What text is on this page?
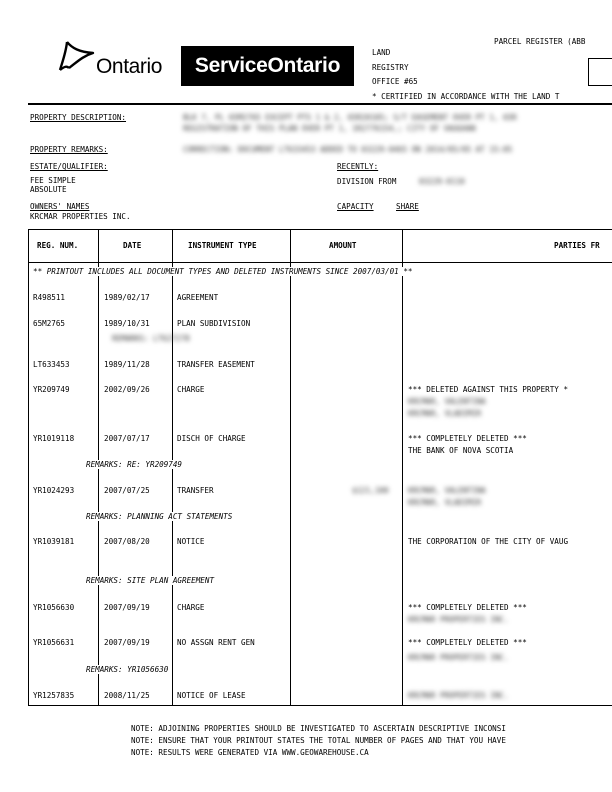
Ontario	ServiceOntario
LAND
REGISTRY
OFFICE #65
* CERTIFIED IN ACCORDANCE WITH THE LAND T
PARCEL REGISTER (ABB
PROPERTY DESCRIPTION:	BLK 7, PL 65M2765 EXCEPT PTS 1 & 2, 65R20105; S/T EASEMENT OVER PT 1, 65R
REGISTRATION OF THIS PLAN OVER PT 1, 1R2776154,; CITY OF VAUGHAN
PROPERTY REMARKS:	CORRECTION: DOCUMENT LT633453 ADDED TO 03229-0465 ON 2014/05/05 AT 15:05
ESTATE/QUALIFIER:
FEE SIMPLE
ABSOLUTE
RECENTLY:
DIVISION FROM	03229-0110
OWNERS' NAMES
KRCMAR PROPERTIES INC.
CAPACITY	SHARE
REG. NUM.	DATE	INSTRUMENT TYPE	AMOUNT	PARTIES FR
** PRINTOUT INCLUDES ALL DOCUMENT TYPES AND DELETED INSTRUMENTS SINCE 2007/03/01 **
R498511	1989/02/17	AGREEMENT
65M2765	1989/10/31	PLAN SUBDIVISION
REMARKS: LT627278
LT633453	1989/11/28	TRANSFER EASEMENT
YR209749	2002/09/26	CHARGE	*** DELETED AGAINST THIS PROPERTY *
KRCMAR, VALENTINA
KRCMAR, VLADIMIR
YR1019118	2007/07/17	DISCH OF CHARGE	*** COMPLETELY DELETED ***
THE BANK OF NOVA SCOTIA
REMARKS: RE: YR209749
YR1024293	2007/07/25	TRANSFER	$121,100	KRCMAR, VALENTINA
KRCMAR, VLADIMIR
REMARKS: PLANNING ACT STATEMENTS
YR1039181	2007/08/20	NOTICE	THE CORPORATION OF THE CITY OF VAUG
REMARKS: SITE PLAN AGREEMENT
YR1056630	2007/09/19	CHARGE	*** COMPLETELY DELETED ***
KRCMAR PROPERTIES INC.
YR1056631	2007/09/19	NO ASSGN RENT GEN	*** COMPLETELY DELETED ***
KRCMAR PROPERTIES INC.
REMARKS: YR1056630
YR1257835	2008/11/25	NOTICE OF LEASE	KRCMAR PROPERTIES INC.
NOTE: ADJOINING PROPERTIES SHOULD BE INVESTIGATED TO ASCERTAIN DESCRIPTIVE INCONSI
NOTE: ENSURE THAT YOUR PRINTOUT STATES THE TOTAL NUMBER OF PAGES AND THAT YOU HAVE
NOTE: RESULTS WERE GENERATED VIA WWW.GEOWAREHOUSE.CA
